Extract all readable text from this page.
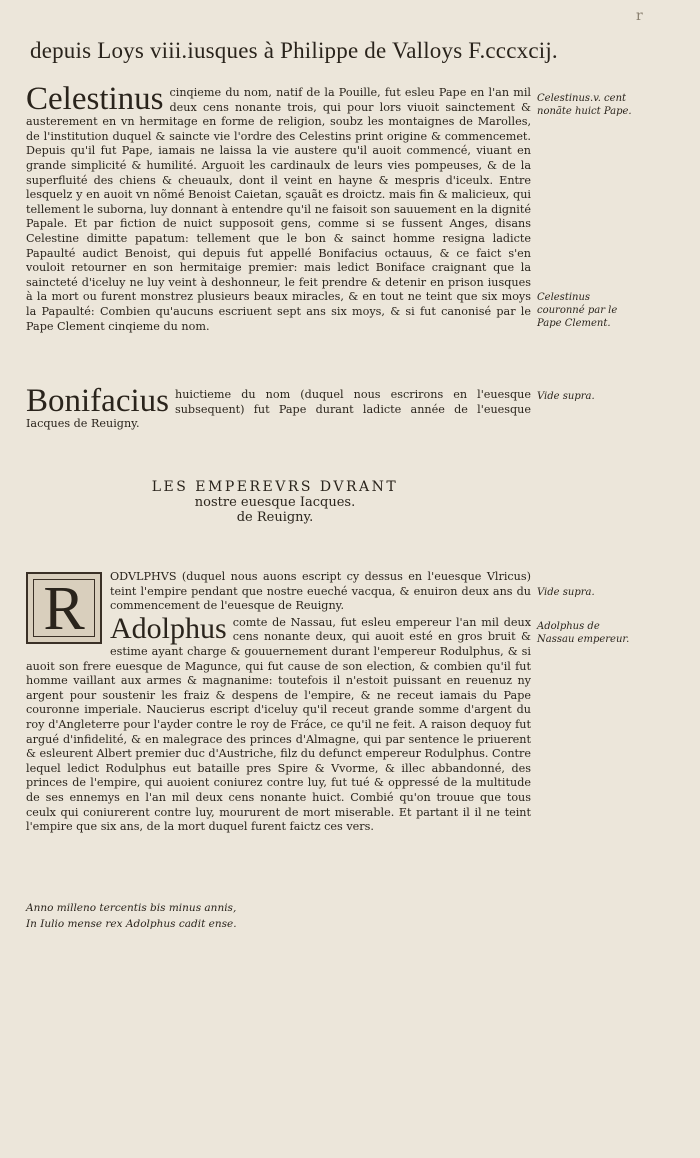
r
depuis Loys viii.iusques à Philippe de Valloys F.cccxcij.

Celestinus cinqieme du nom, natif de la Pouille, fut esleu Pape en l'an mil deux cens nonante trois, qui pour lors viuoit sainctement & austerement en vn hermitage en forme de religion, soubz les montaignes de Marolles, de l'institution duquel & saincte vie l'ordre des Celestins print origine & commencemet. Depuis qu'il fut Pape, iamais ne laissa la vie austere qu'il auoit commencé, viuant en grande simplicité & humilité. Arguoit les cardinaulx de leurs vies pompeuses, & de la superfluité des chiens & cheuaulx, dont il veint en hayne & mespris d'iceulx. Entre lesquelz y en auoit vn nõmé Benoist Caietan, sçauãt es droictz. mais fin & malicieux, qui tellement le suborna, luy donnant à entendre qu'il ne faisoit son sauuement en la dignité Papale. Et par fiction de nuict supposoit gens, comme si se fussent Anges, disans Celestine dimitte papatum: tellement que le bon & sainct homme resigna ladicte Papaulté audict Benoist, qui depuis fut appellé Bonifacius octauus, & ce faict s'en vouloit retourner en son hermitaige premier: mais ledict Boniface craignant que la saincteté d'iceluy ne luy veint à deshonneur, le feit prendre & detenir en prison iusques à la mort ou furent monstrez plusieurs beaux miracles, & en tout ne teint que six moys la Papaulté: Combien qu'aucuns escriuent sept ans six moys, & si fut canonisé par le Pape Clement cinqieme du nom.

Celestinus.v. cent nonãte huict Pape.
Celestinus couronné par le Pape Clement.

Bonifacius huictieme du nom (duquel nous escrirons en l'euesque subsequent) fut Pape durant ladicte année de l'euesque Iacques de Reuigny.

Vide supra.
LES EMPEREVRS DVRANT
nostre euesque Iacques.
de Reuigny.
R	ODVLPHVS (duquel nous auons escript cy dessus en l'euesque Vlricus) teint l'empire pendant que nostre eueché vacqua, & enuiron deux ans du commencement de l'euesque de Reuigny.

Adolphus comte de Nassau, fut esleu empereur l'an mil deux cens nonante deux, qui auoit esté en gros bruit & estime ayant charge & gouuernement durant l'empereur Rodulphus, & si auoit son frere euesque de Magunce, qui fut cause de son election, & combien qu'il fut homme vaillant aux armes & magnanime: toutefois il n'estoit puissant en reuenuz ny argent pour soustenir les fraiz & despens de l'empire, & ne receut iamais du Pape couronne imperiale. Naucierus escript d'iceluy qu'il receut grande somme d'argent du roy d'Angleterre pour l'ayder contre le roy de Fráce, ce qu'il ne feit. A raison dequoy fut argué d'infidelité, & en malegrace des princes d'Almagne, qui par sentence le priuerent & esleurent Albert premier duc d'Austriche, filz du defunct empereur Rodulphus. Contre lequel ledict Rodulphus eut bataille pres Spire & Vvorme, & illec abbandonné, des princes de l'empire, qui auoient coniurez contre luy, fut tué & oppressé de la multitude de ses ennemys en l'an mil deux cens nonante huict. Combié qu'on trouue que tous ceulx qui coniurerent contre luy, moururent de mort miserable. Et partant il il ne teint l'empire que six ans, de la mort duquel furent faictz ces vers.

Vide supra.
Adolphus de Nassau empereur.
Anno milleno tercentis bis minus annis,
In Iulio mense rex Adolphus cadit ense.
